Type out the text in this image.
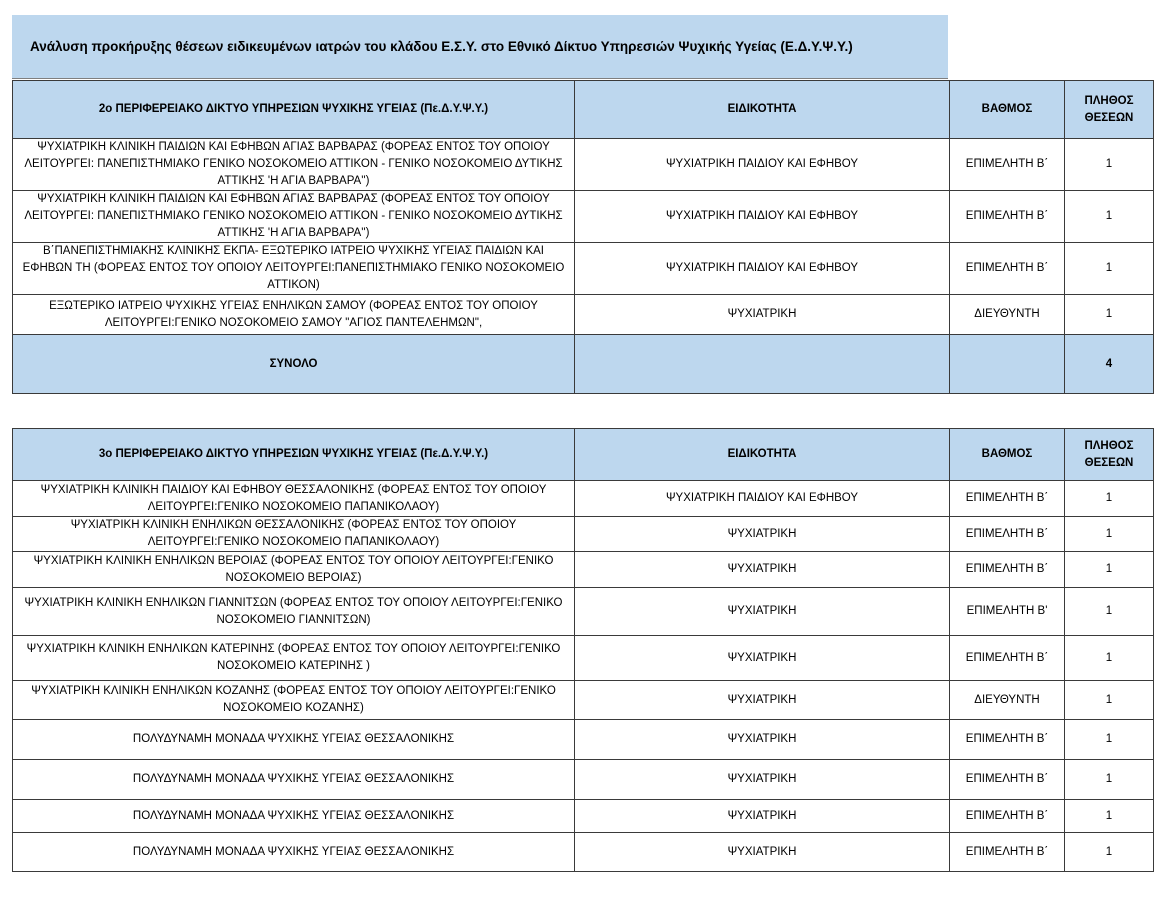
Ανάλυση προκήρυξης θέσεων ειδικευμένων ιατρών του κλάδου Ε.Σ.Υ. στο Εθνικό Δίκτυο Υπηρεσιών Ψυχικής Υγείας (Ε.Δ.Υ.Ψ.Υ.)
2ο ΠΕΡΙΦΕΡΕΙΑΚΟ ΔΙΚΤΥΟ ΥΠΗΡΕΣΙΩΝ ΨΥΧΙΚΗΣ ΥΓΕΙΑΣ (Πε.Δ.Υ.Ψ.Υ.)	ΕΙΔΙΚΟΤΗΤΑ	ΒΑΘΜΟΣ	ΠΛΗΘΟΣ
ΘΕΣΕΩΝ
ΨΥΧΙΑΤΡΙΚΗ ΚΛΙΝΙΚΗ ΠΑΙΔΙΩΝ ΚΑΙ ΕΦΗΒΩΝ ΑΓΙΑΣ ΒΑΡΒΑΡΑΣ (ΦΟΡΕΑΣ ΕΝΤΟΣ ΤΟΥ ΟΠΟΙΟΥ ΛΕΙΤΟΥΡΓΕΙ: ΠΑΝΕΠΙΣΤΗΜΙΑΚΟ ΓΕΝΙΚΟ ΝΟΣΟΚΟΜΕΙΟ ΑΤΤΙΚΟΝ - ΓΕΝΙΚΟ ΝΟΣΟΚΟΜΕΙΟ ΔΥΤΙΚΗΣ ΑΤΤΙΚΗΣ 'Η ΑΓΙΑ ΒΑΡΒΑΡΑ'')	ΨΥΧΙΑΤΡΙΚΗ ΠΑΙΔΙΟΥ ΚΑΙ ΕΦΗΒΟΥ	ΕΠΙΜΕΛΗΤΗ Β΄	1
ΨΥΧΙΑΤΡΙΚΗ ΚΛΙΝΙΚΗ ΠΑΙΔΙΩΝ ΚΑΙ ΕΦΗΒΩΝ ΑΓΙΑΣ ΒΑΡΒΑΡΑΣ (ΦΟΡΕΑΣ ΕΝΤΟΣ ΤΟΥ ΟΠΟΙΟΥ ΛΕΙΤΟΥΡΓΕΙ: ΠΑΝΕΠΙΣΤΗΜΙΑΚΟ ΓΕΝΙΚΟ ΝΟΣΟΚΟΜΕΙΟ ΑΤΤΙΚΟΝ - ΓΕΝΙΚΟ ΝΟΣΟΚΟΜΕΙΟ ΔΥΤΙΚΗΣ ΑΤΤΙΚΗΣ 'Η ΑΓΙΑ ΒΑΡΒΑΡΑ'')	ΨΥΧΙΑΤΡΙΚΗ ΠΑΙΔΙΟΥ ΚΑΙ ΕΦΗΒΟΥ	ΕΠΙΜΕΛΗΤΗ Β΄	1
Β΄ΠΑΝΕΠΙΣΤΗΜΙΑΚΗΣ ΚΛΙΝΙΚΗΣ ΕΚΠΑ- ΕΞΩΤΕΡΙΚΟ ΙΑΤΡΕΙΟ ΨΥΧΙΚΗΣ ΥΓΕΙΑΣ ΠΑΙΔΙΩΝ ΚΑΙ ΕΦΗΒΩΝ ΤΗ (ΦΟΡΕΑΣ ΕΝΤΟΣ ΤΟΥ ΟΠΟΙΟΥ ΛΕΙΤΟΥΡΓΕΙ:ΠΑΝΕΠΙΣΤΗΜΙΑΚΟ ΓΕΝΙΚΟ ΝΟΣΟΚΟΜΕΙΟ ΑΤΤΙΚΟΝ)	ΨΥΧΙΑΤΡΙΚΗ ΠΑΙΔΙΟΥ ΚΑΙ ΕΦΗΒΟΥ	ΕΠΙΜΕΛΗΤΗ Β΄	1
ΕΞΩΤΕΡΙΚΟ ΙΑΤΡΕΙΟ ΨΥΧΙΚΗΣ ΥΓΕΙΑΣ ΕΝΗΛΙΚΩΝ ΣΑΜΟΥ (ΦΟΡΕΑΣ ΕΝΤΟΣ ΤΟΥ ΟΠΟΙΟΥ ΛΕΙΤΟΥΡΓΕΙ:ΓΕΝΙΚΟ ΝΟΣΟΚΟΜΕΙΟ ΣΑΜΟΥ "ΑΓΙΟΣ ΠΑΝΤΕΛΕΗΜΩΝ",	ΨΥΧΙΑΤΡΙΚΗ	ΔΙΕΥΘΥΝΤΗ	1
ΣΥΝΟΛΟ			4
3ο ΠΕΡΙΦΕΡΕΙΑΚΟ ΔΙΚΤΥΟ ΥΠΗΡΕΣΙΩΝ ΨΥΧΙΚΗΣ ΥΓΕΙΑΣ (Πε.Δ.Υ.Ψ.Υ.)	ΕΙΔΙΚΟΤΗΤΑ	ΒΑΘΜΟΣ	ΠΛΗΘΟΣ
ΘΕΣΕΩΝ
ΨΥΧΙΑΤΡΙΚΗ ΚΛΙΝΙΚΗ ΠΑΙΔΙΟΥ ΚΑΙ ΕΦΗΒΟΥ ΘΕΣΣΑΛΟΝΙΚΗΣ (ΦΟΡΕΑΣ ΕΝΤΟΣ ΤΟΥ ΟΠΟΙΟΥ ΛΕΙΤΟΥΡΓΕΙ:ΓΕΝΙΚΟ ΝΟΣΟΚΟΜΕΙΟ ΠΑΠΑΝΙΚΟΛΑΟΥ)	ΨΥΧΙΑΤΡΙΚΗ ΠΑΙΔΙΟΥ ΚΑΙ ΕΦΗΒΟΥ	ΕΠΙΜΕΛΗΤΗ Β΄	1
ΨΥΧΙΑΤΡΙΚΗ ΚΛΙΝΙΚΗ ΕΝΗΛΙΚΩΝ ΘΕΣΣΑΛΟΝΙΚΗΣ (ΦΟΡΕΑΣ ΕΝΤΟΣ ΤΟΥ ΟΠΟΙΟΥ ΛΕΙΤΟΥΡΓΕΙ:ΓΕΝΙΚΟ ΝΟΣΟΚΟΜΕΙΟ ΠΑΠΑΝΙΚΟΛΑΟΥ)	ΨΥΧΙΑΤΡΙΚΗ	ΕΠΙΜΕΛΗΤΗ Β΄	1
ΨΥΧΙΑΤΡΙΚΗ ΚΛΙΝΙΚΗ ΕΝΗΛΙΚΩΝ ΒΕΡΟΙΑΣ (ΦΟΡΕΑΣ ΕΝΤΟΣ ΤΟΥ ΟΠΟΙΟΥ ΛΕΙΤΟΥΡΓΕΙ:ΓΕΝΙΚΟ ΝΟΣΟΚΟΜΕΙΟ ΒΕΡΟΙΑΣ)	ΨΥΧΙΑΤΡΙΚΗ	ΕΠΙΜΕΛΗΤΗ Β΄	1
ΨΥΧΙΑΤΡΙΚΗ ΚΛΙΝΙΚΗ ΕΝΗΛΙΚΩΝ ΓΙΑΝΝΙΤΣΩΝ (ΦΟΡΕΑΣ ΕΝΤΟΣ ΤΟΥ ΟΠΟΙΟΥ ΛΕΙΤΟΥΡΓΕΙ:ΓΕΝΙΚΟ ΝΟΣΟΚΟΜΕΙΟ ΓΙΑΝΝΙΤΣΩΝ)	ΨΥΧΙΑΤΡΙΚΗ	ΕΠΙΜΕΛΗΤΗ Β'	1
ΨΥΧΙΑΤΡΙΚΗ ΚΛΙΝΙΚΗ ΕΝΗΛΙΚΩΝ ΚΑΤΕΡΙΝΗΣ (ΦΟΡΕΑΣ ΕΝΤΟΣ ΤΟΥ ΟΠΟΙΟΥ ΛΕΙΤΟΥΡΓΕΙ:ΓΕΝΙΚΟ ΝΟΣΟΚΟΜΕΙΟ ΚΑΤΕΡΙΝΗΣ )	ΨΥΧΙΑΤΡΙΚΗ	ΕΠΙΜΕΛΗΤΗ Β΄	1
ΨΥΧΙΑΤΡΙΚΗ ΚΛΙΝΙΚΗ ΕΝΗΛΙΚΩΝ ΚΟΖΑΝΗΣ (ΦΟΡΕΑΣ ΕΝΤΟΣ ΤΟΥ ΟΠΟΙΟΥ ΛΕΙΤΟΥΡΓΕΙ:ΓΕΝΙΚΟ ΝΟΣΟΚΟΜΕΙΟ ΚΟΖΑΝΗΣ)	ΨΥΧΙΑΤΡΙΚΗ	ΔΙΕΥΘΥΝΤΗ	1
ΠΟΛΥΔΥΝΑΜΗ ΜΟΝΑΔΑ ΨΥΧΙΚΗΣ ΥΓΕΙΑΣ ΘΕΣΣΑΛΟΝΙΚΗΣ	ΨΥΧΙΑΤΡΙΚΗ	ΕΠΙΜΕΛΗΤΗ Β΄	1
ΠΟΛΥΔΥΝΑΜΗ ΜΟΝΑΔΑ ΨΥΧΙΚΗΣ ΥΓΕΙΑΣ ΘΕΣΣΑΛΟΝΙΚΗΣ	ΨΥΧΙΑΤΡΙΚΗ	ΕΠΙΜΕΛΗΤΗ Β΄	1
ΠΟΛΥΔΥΝΑΜΗ ΜΟΝΑΔΑ ΨΥΧΙΚΗΣ ΥΓΕΙΑΣ ΘΕΣΣΑΛΟΝΙΚΗΣ	ΨΥΧΙΑΤΡΙΚΗ	ΕΠΙΜΕΛΗΤΗ Β΄	1
ΠΟΛΥΔΥΝΑΜΗ ΜΟΝΑΔΑ ΨΥΧΙΚΗΣ ΥΓΕΙΑΣ ΘΕΣΣΑΛΟΝΙΚΗΣ	ΨΥΧΙΑΤΡΙΚΗ	ΕΠΙΜΕΛΗΤΗ Β΄	1
